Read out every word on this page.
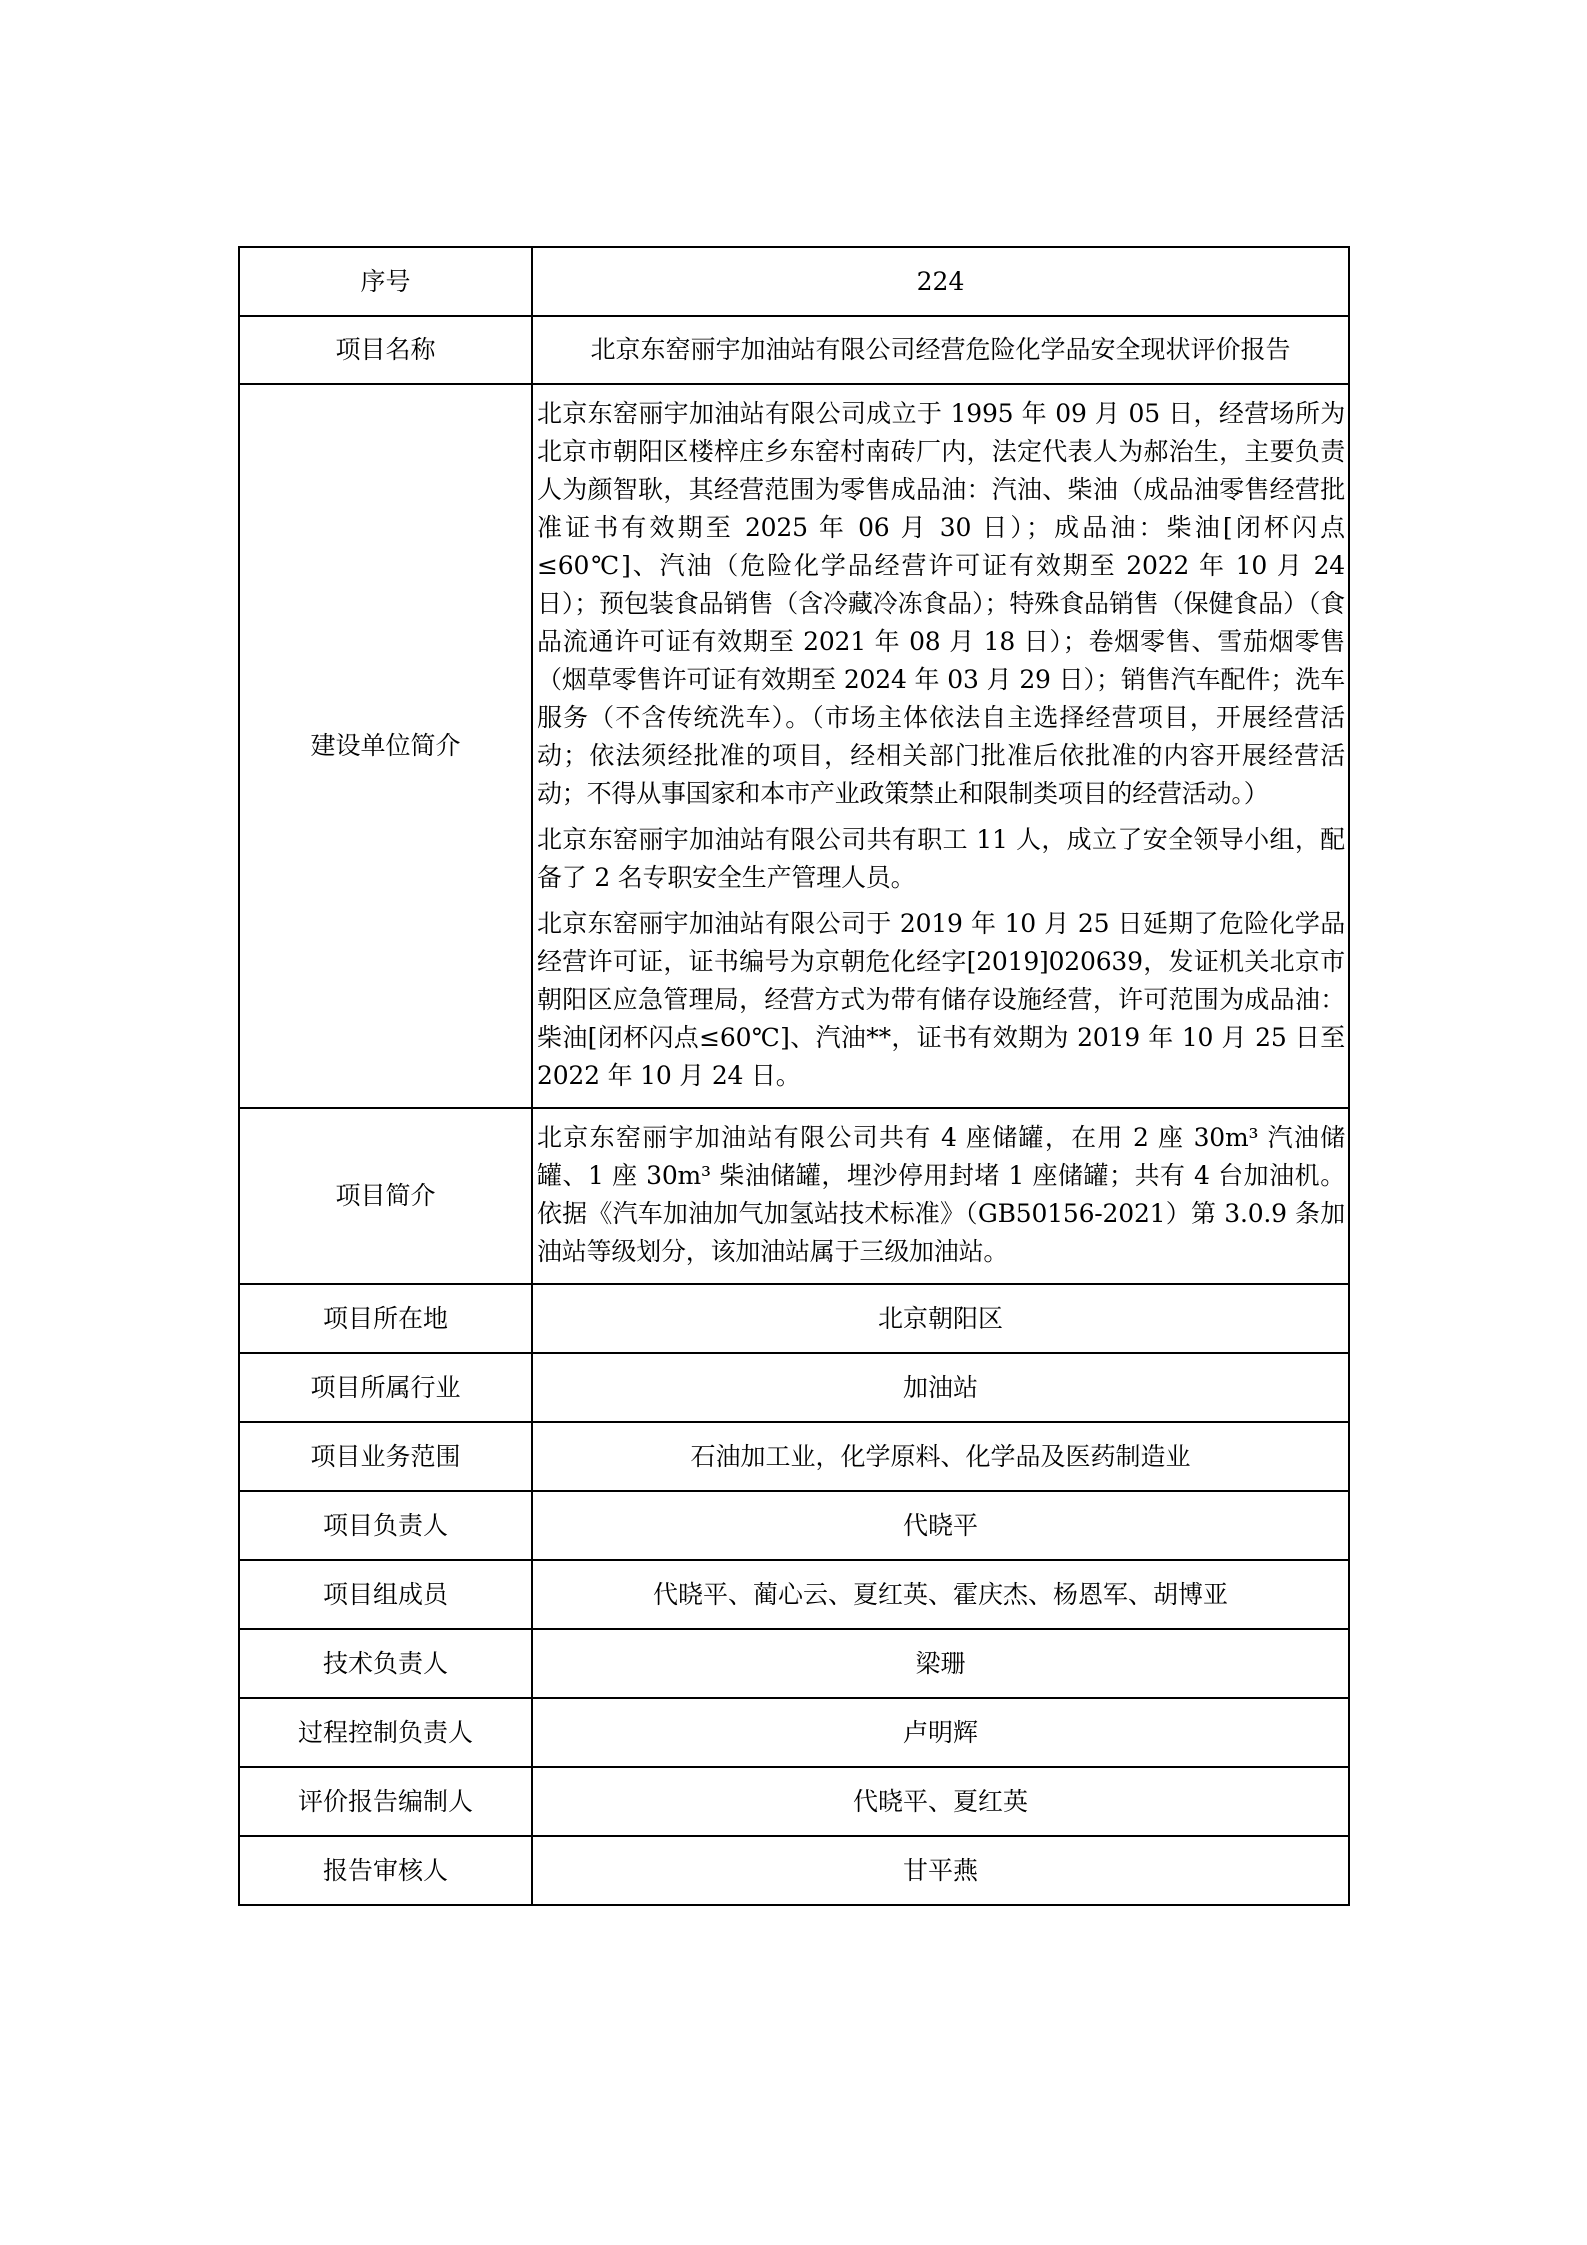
序号	224
项目名称	北京东窑丽宇加油站有限公司经营危险化学品安全现状评价报告
建设单位简介	北京东窑丽宇加油站有限公司成立于 1995 年 09 月 05 日，经营场所为北京市朝阳区楼梓庄乡东窑村南砖厂内，法定代表人为郝治生，主要负责人为颜智耿，其经营范围为零售成品油：汽油、柴油（成品油零售经营批准证书有效期至 2025 年 06 月 30 日）；成品油：柴油[闭杯闪点≤60℃]、汽油（危险化学品经营许可证有效期至 2022 年 10 月 24 日）；预包装食品销售（含冷藏冷冻食品）；特殊食品销售（保健食品）（食品流通许可证有效期至 2021 年 08 月 18 日）；卷烟零售、雪茄烟零售（烟草零售许可证有效期至 2024 年 03 月 29 日）；销售汽车配件；洗车服务（不含传统洗车）。（市场主体依法自主选择经营项目，开展经营活动；依法须经批准的项目，经相关部门批准后依批准的内容开展经营活动；不得从事国家和本市产业政策禁止和限制类项目的经营活动。）

北京东窑丽宇加油站有限公司共有职工 11 人，成立了安全领导小组，配备了 2 名专职安全生产管理人员。

北京东窑丽宇加油站有限公司于 2019 年 10 月 25 日延期了危险化学品经营许可证，证书编号为京朝危化经字[2019]020639，发证机关北京市朝阳区应急管理局，经营方式为带有储存设施经营，许可范围为成品油：柴油[闭杯闪点≤60℃]、汽油**，证书有效期为 2019 年 10 月 25 日至 2022 年 10 月 24 日。

项目简介	北京东窑丽宇加油站有限公司共有 4 座储罐，在用 2 座 30m³ 汽油储罐、1 座 30m³ 柴油储罐，埋沙停用封堵 1 座储罐；共有 4 台加油机。依据《汽车加油加气加氢站技术标准》（GB50156-2021）第 3.0.9 条加油站等级划分，该加油站属于三级加油站。

项目所在地	北京朝阳区
项目所属行业	加油站
项目业务范围	石油加工业，化学原料、化学品及医药制造业
项目负责人	代晓平
项目组成员	代晓平、蔺心云、夏红英、霍庆杰、杨恩军、胡博亚
技术负责人	梁珊
过程控制负责人	卢明辉
评价报告编制人	代晓平、夏红英
报告审核人	甘平燕
